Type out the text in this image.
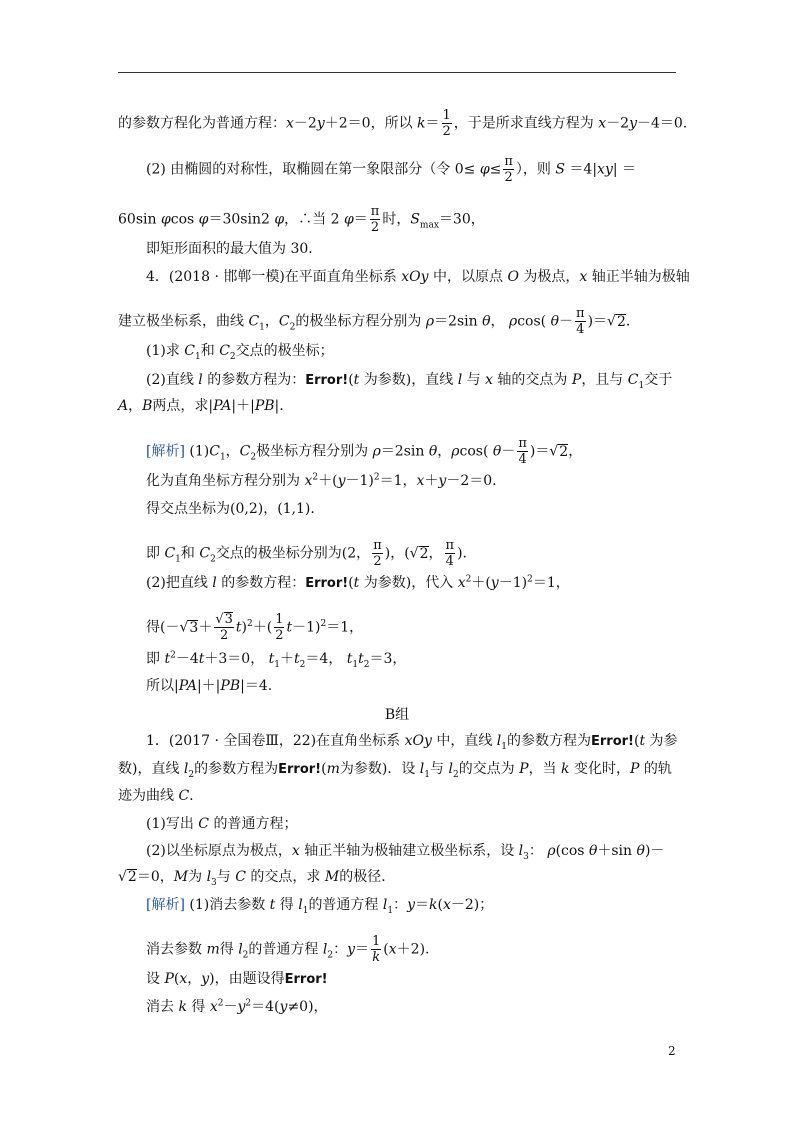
的参数方程化为普通方程：x－2y＋2＝0，所以 $k= \frac{1}{2}$ ，于是所求直线方程为 x－2y－4＝0.
(2) 由椭圆的对称性，取椭圆在第一象限部分（令 $0\le \varphi\le \frac{\pi}{2}$ ），则 S ＝4|xy| ＝
60sin φcos φ＝30sin2 φ，∴当 2 $\varphi= \frac{\pi}{2}$ 时，$S_{max}=30$，
即矩形面积的最大值为 30.
4．(2018 · 邯郸一模)在平面直角坐标系 xOy 中，以原点 O 为极点，x 轴正半轴为极轴
建立极坐标系，曲线 $C_1$，$C_2$的极坐标方程分别为 ρ＝2sin θ， ρcos( $\theta- \frac{\pi}{4} )=√2$.
(1)求 $C_1$和 $C_2$交点的极坐标；
(2)直线 l 的参数方程为：Error!(t 为参数)，直线 l 与 x 轴的交点为 P，且与 $C_1$交于
A，B两点，求|PA|＋|PB|.
[解析] $(1)C_1$，$C_2$极坐标方程分别为 ρ＝2sin θ，ρcos( $\theta- \frac{\pi}{4} )=√2$，
化为直角坐标方程分别为 $x^2+(y-1)^2=1$，x＋y－2＝0.
得交点坐标为(0,2)，(1,1).
即 $C_1$和 $C_2$交点的极坐标分别为(2， $\frac{\pi}{2}$ )，(√2， $\frac{\pi}{4}$ ).
(2)把直线 l 的参数方程：Error!(t 为参数)，代入 $x^2+(y-1)^2=1$，
得$(-√3+ \frac{√3}{2} t)^2+( \frac{1}{2} t-1)^2=1$，
即 $t^2-4t+3=0$， $t_1+t_2=4$， $t_1t_2=3$，
所以|PA|＋|PB|＝4.
B组
1．(2017 · 全国卷Ⅲ，22)在直角坐标系 xOy 中，直线 $l_1$的参数方程为Error!(t 为参
数)，直线 $l_2$的参数方程为Error!(m为参数)．设 $l_1$与 $l_2$的交点为 P，当 k 变化时，P 的轨
迹为曲线 C.
(1)写出 C 的普通方程；
(2)以坐标原点为极点，x 轴正半轴为极轴建立极坐标系，设 $l_3$： ρ(cos θ＋sin θ)－
√2＝0，M为 $l_3$与 C 的交点，求 M的极径．
[解析] (1)消去参数 t 得 $l_1$的普通方程 $l_1$：y＝k(x－2)；
消去参数 m得 $l_2$的普通方程 $l_2$：$y= \frac{1}{k} (x+2)$.
设 P(x，y)，由题设得Error!
消去 k 得 $x^2-y^2=4(y\ne 0)$，
2
